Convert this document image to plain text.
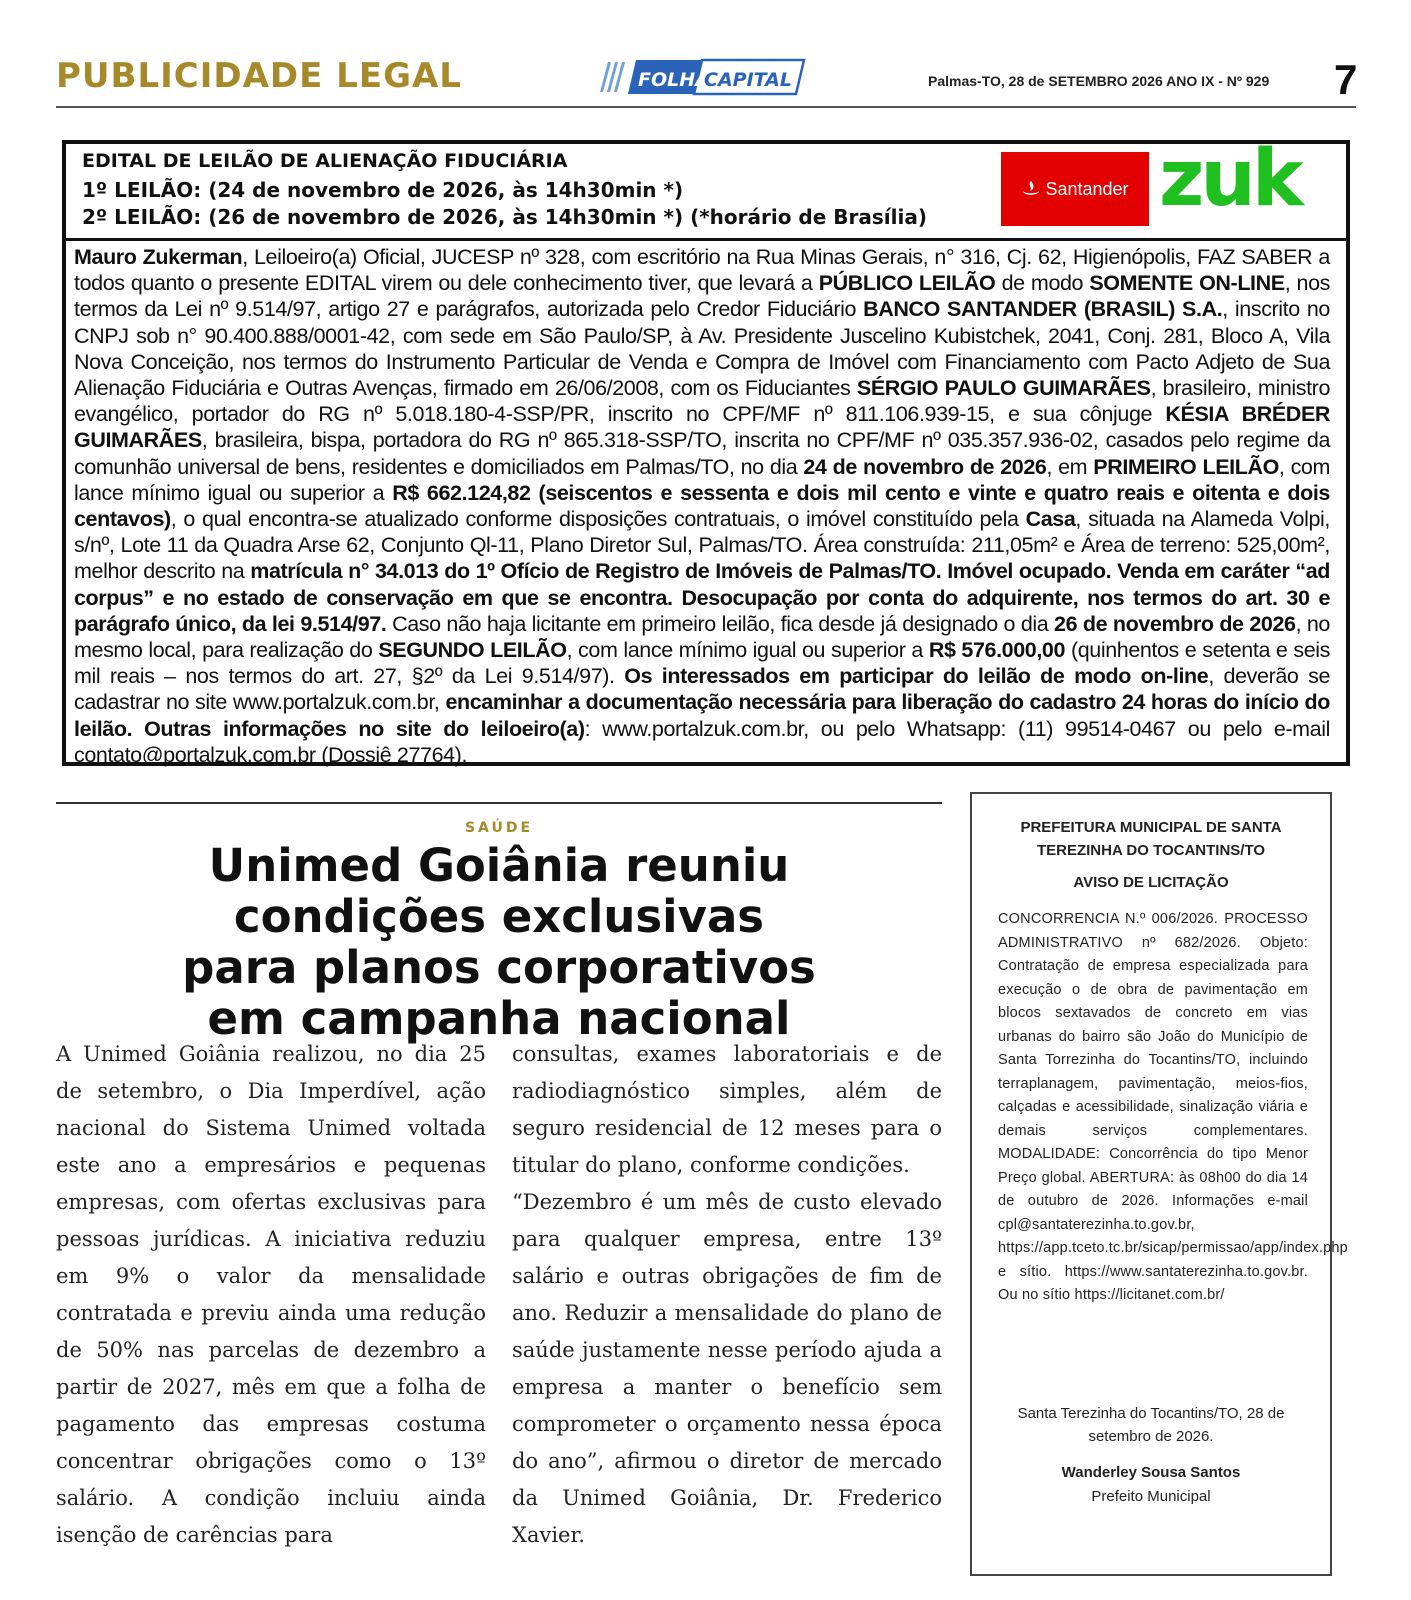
PUBLICIDADE LEGAL	FOLHA
CAPITAL	Palmas-TO, 28 de SETEMBRO 2026 ANO IX - Nº 929 7
EDITAL DE LEILÃO DE ALIENAÇÃO FIDUCIÁRIA
1º LEILÃO: (24 de novembro de 2026, às 14h30min *)
2º LEILÃO: (26 de novembro de 2026, às 14h30min *) (*horário de Brasília)
Santander zuk
Mauro Zukerman, Leiloeiro(a) Oficial, JUCESP nº 328, com escritório na Rua Minas Gerais, n° 316, Cj. 62, Higienópolis, FAZ SABER a todos quanto o presente EDITAL virem ou dele conhecimento tiver, que levará a PÚBLICO LEILÃO de modo SOMENTE ON-LINE, nos termos da Lei nº 9.514/97, artigo 27 e parágrafos, autorizada pelo Credor Fiduciário BANCO SANTANDER (BRASIL) S.A., inscrito no CNPJ sob n° 90.400.888/0001-42, com sede em São Paulo/SP, à Av. Presidente Juscelino Kubistchek, 2041, Conj. 281, Bloco A, Vila Nova Conceição, nos termos do Instrumento Particular de Venda e Compra de Imóvel com Financiamento com Pacto Adjeto de Sua Alienação Fiduciária e Outras Avenças, firmado em 26/06/2008, com os Fiduciantes SÉRGIO PAULO GUIMARÃES, brasileiro, ministro evangélico, portador do RG nº 5.018.180-4-SSP/PR, inscrito no CPF/MF nº 811.106.939-15, e sua cônjuge KÉSIA BRÉDER GUIMARÃES, brasileira, bispa, portadora do RG nº 865.318-SSP/TO, inscrita no CPF/MF nº 035.357.936-02, casados pelo regime da comunhão universal de bens, residentes e domiciliados em Palmas/TO, no dia 24 de novembro de 2026, em PRIMEIRO LEILÃO, com lance mínimo igual ou superior a R$ 662.124,82 (seiscentos e sessenta e dois mil cento e vinte e quatro reais e oitenta e dois centavos), o qual encontra-se atualizado conforme disposições contratuais, o imóvel constituído pela Casa, situada na Alameda Volpi, s/nº, Lote 11 da Quadra Arse 62, Conjunto Ql-11, Plano Diretor Sul, Palmas/TO. Área construída: 211,05m² e Área de terreno: 525,00m², melhor descrito na matrícula n° 34.013 do 1º Ofício de Registro de Imóveis de Palmas/TO. Imóvel ocupado. Venda em caráter “ad corpus” e no estado de conservação em que se encontra. Desocupação por conta do adquirente, nos termos do art. 30 e parágrafo único, da lei 9.514/97. Caso não haja licitante em primeiro leilão, fica desde já designado o dia 26 de novembro de 2026, no mesmo local, para realização do SEGUNDO LEILÃO, com lance mínimo igual ou superior a R$ 576.000,00 (quinhentos e setenta e seis mil reais – nos termos do art. 27, §2º da Lei 9.514/97). Os interessados em participar do leilão de modo on-line, deverão se cadastrar no site www.portalzuk.com.br, encaminhar a documentação necessária para liberação do cadastro 24 horas do início do leilão. Outras informações no site do leiloeiro(a): www.portalzuk.com.br, ou pelo Whatsapp: (11) 99514-0467 ou pelo e-mail contato@portalzuk.com.br (Dossiê 27764).
SAÚDE
Unimed Goiânia reuniu
condições exclusivas
para planos corporativos
em campanha nacional

A Unimed Goiânia realizou, no dia 25 de setembro, o Dia Imperdível, ação nacional do Sistema Unimed voltada este ano a empresários e pequenas empresas, com ofertas exclusivas para pessoas jurídicas. A iniciativa reduziu em 9% o valor da mensalidade contratada e previu ainda uma redução de 50% nas parcelas de dezembro a partir de 2027, mês em que a folha de pagamento das empresas costuma concentrar obrigações como o 13º salário. A condição incluiu ainda isenção de carências para

consultas, exames laboratoriais e de radiodiagnóstico simples, além de seguro residencial de 12 meses para o titular do plano, conforme condições.

“Dezembro é um mês de custo elevado para qualquer empresa, entre 13º salário e outras obrigações de fim de ano. Reduzir a mensalidade do plano de saúde justamente nesse período ajuda a empresa a manter o benefício sem comprometer o orçamento nessa época do ano”, afirmou o diretor de mercado da Unimed Goiânia, Dr. Frederico Xavier.

PREFEITURA MUNICIPAL DE SANTA
TEREZINHA DO TOCANTINS/TO
AVISO DE LICITAÇÃO
CONCORRENCIA N.º 006/2026. PROCESSO ADMINISTRATIVO nº 682/2026. Objeto: Contratação de empresa especializada para execução o de obra de pavimentação em blocos sextavados de concreto em vias urbanas do bairro são João do Município de Santa Torrezinha do Tocantins/TO, incluindo terraplanagem, pavimentação, meios-fios, calçadas e acessibilidade, sinalização viária e demais serviços complementares. MODALIDADE: Concorrência do tipo Menor Preço global. ABERTURA: às 08h00 do dia 14 de outubro de 2026. Informações e-mail cpl@santaterezinha.to.gov.br, https://app.tceto.tc.br/sicap/permissao/app/index.php e sítio. https://www.santaterezinha.to.gov.br. Ou no sítio https://licitanet.com.br/
Santa Terezinha do Tocantins/TO, 28 de
setembro de 2026.
Wanderley Sousa Santos
Prefeito Municipal
